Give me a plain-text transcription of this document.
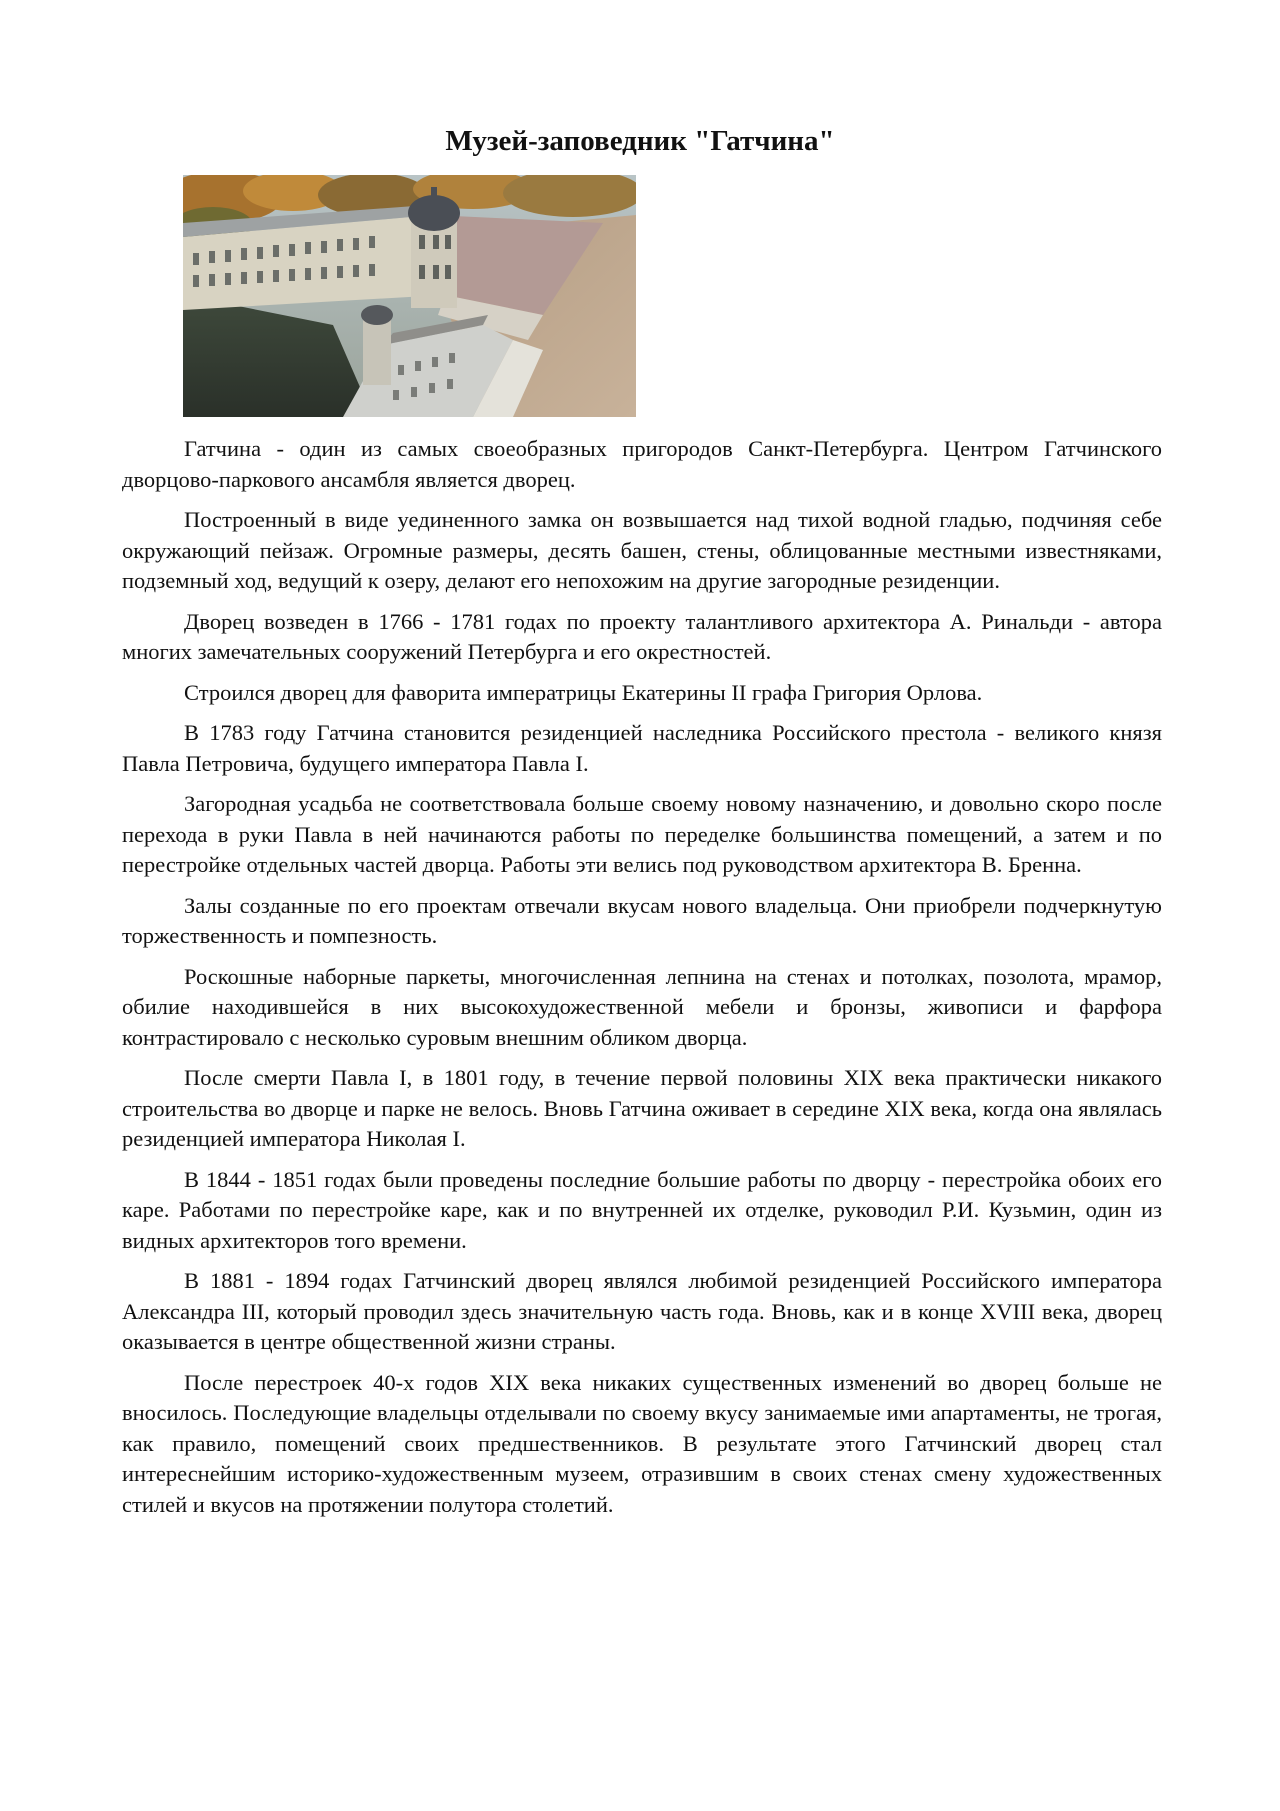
Музей-заповедник "Гатчина"

Гатчина - один из самых своеобразных пригородов Санкт-Петербурга. Центром Гатчинского дворцово-паркового ансамбля является дворец.

Построенный в виде уединенного замка он возвышается над тихой водной гладью, подчиняя себе окружающий пейзаж. Огромные размеры, десять башен, стены, облицованные местными известняками, подземный ход, ведущий к озеру, делают его непохожим на другие загородные резиденции.

Дворец возведен в 1766 - 1781 годах по проекту талантливого архитектора А. Ринальди - автора многих замечательных сооружений Петербурга и его окрестностей.

Строился дворец для фаворита императрицы Екатерины II графа Григория Орлова.

В 1783 году Гатчина становится резиденцией наследника Российского престола - великого князя Павла Петровича, будущего императора Павла I.

Загородная усадьба не соответствовала больше своему новому назначению, и довольно скоро после перехода в руки Павла в ней начинаются работы по переделке большинства помещений, а затем и по перестройке отдельных частей дворца. Работы эти велись под руководством архитектора В. Бренна.

Залы созданные по его проектам отвечали вкусам нового владельца. Они приобрели подчеркнутую торжественность и помпезность.

Роскошные наборные паркеты, многочисленная лепнина на стенах и потолках, позолота, мрамор, обилие находившейся в них высокохудожественной мебели и бронзы, живописи и фарфора контрастировало с несколько суровым внешним обликом дворца.

После смерти Павла I, в 1801 году, в течение первой половины XIX века практически никакого строительства во дворце и парке не велось. Вновь Гатчина оживает в середине XIX века, когда она являлась резиденцией императора Николая I.

В 1844 - 1851 годах были проведены последние большие работы по дворцу - перестройка обоих его каре. Работами по перестройке каре, как и по внутренней их отделке, руководил Р.И. Кузьмин, один из видных архитекторов того времени.

В 1881 - 1894 годах Гатчинский дворец являлся любимой резиденцией Российского императора Александра III, который проводил здесь значительную часть года. Вновь, как и в конце XVIII века, дворец оказывается в центре общественной жизни страны.

После перестроек 40-х годов XIX века никаких существенных изменений во дворец больше не вносилось. Последующие владельцы отделывали по своему вкусу занимаемые ими апартаменты, не трогая, как правило, помещений своих предшественников. В результате этого Гатчинский дворец стал интереснейшим историко-художественным музеем, отразившим в своих стенах смену художественных стилей и вкусов на протяжении полутора столетий.
